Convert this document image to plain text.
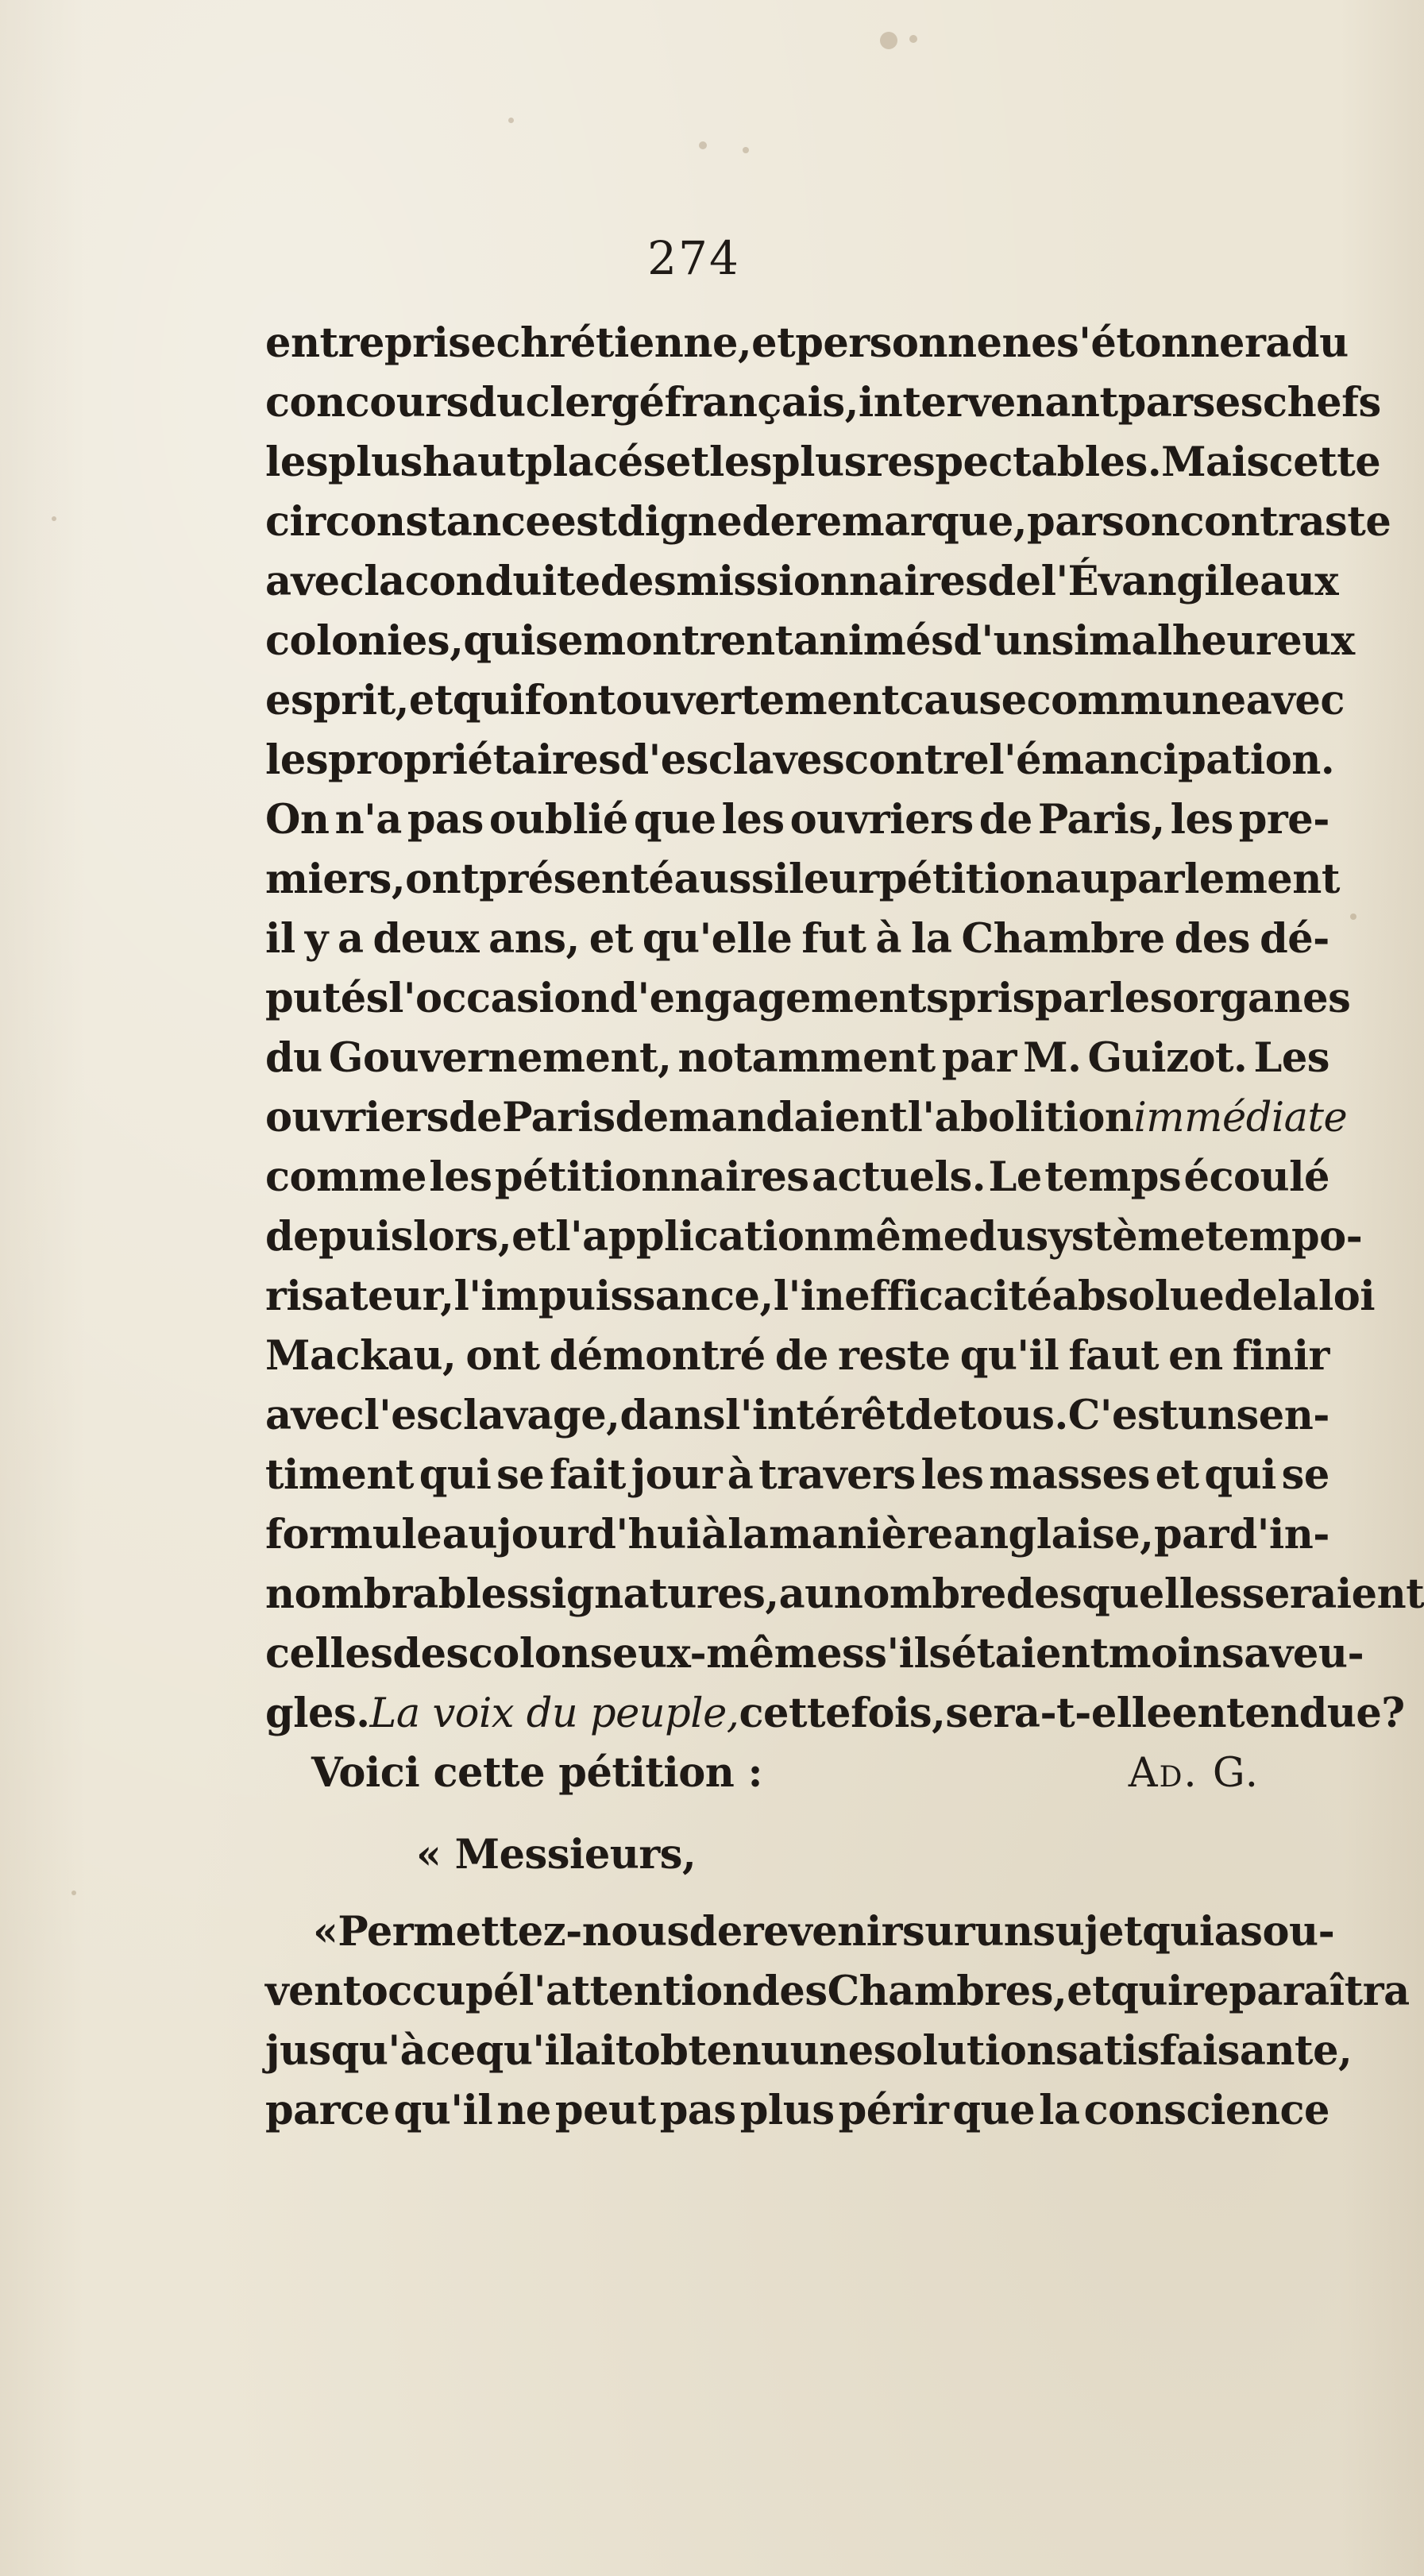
274
entreprise chrétienne, et personne ne s'étonnera du
concours du clergé français, intervenant par ses chefs
les plus haut placés et les plus respectables. Mais cette
circonstance est digne de remarque, par son contraste
avec la conduite des missionnaires de l'Évangile aux
colonies, qui se montrent animés d'un si malheureux
esprit, et qui font ouvertement cause commune avec
les propriétaires d'esclaves contre l'émancipation.
On n'a pas oublié que les ouvriers de Paris, les pre-
miers, ont présenté aussi leur pétition au parlement
il y a deux ans, et qu'elle fut à la Chambre des dé-
putés l'occasion d'engagements pris par les organes
du Gouvernement, notamment par M. Guizot. Les
ouvriers de Paris demandaient l'abolition immédiate
comme les pétitionnaires actuels. Le temps écoulé
depuis lors, et l'application même du système tempo-
risateur, l'impuissance, l'inefficacité absolue de la loi
Mackau, ont démontré de reste qu'il faut en finir
avec l'esclavage, dans l'intérêt de tous. C'est un sen-
timent qui se fait jour à travers les masses et qui se
formule aujourd'hui à la manière anglaise, par d'in-
nombrables signatures, au nombre desquelles seraient
celles des colons eux-mêmes s'ils étaient moins aveu-
gles. La voix du peuple, cette fois, sera-t-elle entendue?
Voici cette pétition :	Ad. G.
« Messieurs,
« Permettez-nous de revenir sur un sujet qui a sou-
vent occupé l'attention des Chambres, et qui reparaîtra
jusqu'à ce qu'il ait obtenu une solution satisfaisante,
parce qu'il ne peut pas plus périr que la conscience
